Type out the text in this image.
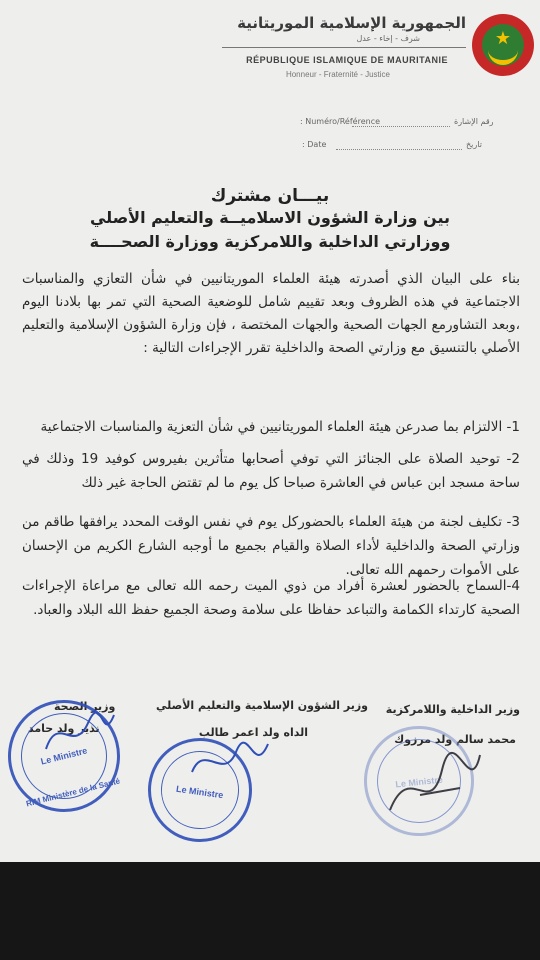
★
الجمهورية الإسلامية الموريتانية
شرف - إخاء - عدل
RÉPUBLIQUE ISLAMIQUE DE MAURITANIE
Honneur - Fraternité - Justice
Numéro/Référence :	رقم الإشارة
Date :	تاريخ
بيـــان مشترك
بين وزارة الشؤون الاسلاميــة والتعليم الأصلي
ووزارتي الداخلية واللامركزية ووزارة الصحــــة
بناء على البيان الذي أصدرته هيئة العلماء الموريتانيين في شأن التعازي والمناسبات الاجتماعية في هذه الظروف وبعد تقييم شامل للوضعية الصحية التي تمر بها بلادنا اليوم ،وبعد التشاورمع الجهات الصحية والجهات المختصة ، فإن وزارة الشؤون الإسلامية والتعليم الأصلي بالتنسيق مع وزارتي الصحة والداخلية تقرر الإجراءات التالية :
1- الالتزام بما صدرعن هيئة العلماء الموريتانيين في شأن التعزية والمناسبات الاجتماعية
2- توحيد الصلاة على الجنائز التي توفي أصحابها متأثرين بفيروس كوفيد 19 وذلك في ساحة مسجد ابن عباس في العاشرة صباحا كل يوم ما لم تقتض الحاجة غير ذلك
3- تكليف لجنة من هيئة العلماء بالحضوركل يوم في نفس الوقت المحدد يرافقها طاقم من وزارتي الصحة والداخلية لأداء الصلاة والقيام بجميع ما أوجبه الشارع الكريم من الإحسان على الأموات رحمهم الله تعالى.
4-السماح بالحضور لعشرة أفراد من ذوي الميت رحمه الله تعالى مع مراعاة الإجراءات الصحية كارتداء الكمامة والتباعد حفاظا على سلامة وصحة الجميع حفظ الله البلاد والعباد.
وزير الداخلية واللامركزية
وزير الشؤون الإسلامية والتعليم الأصلي
وزير الصحة
محمد سالم ولد مرزوك
الداه ولد اعمر طالب
نذير ولد حامد
Le Ministre
RIM Ministère de la Santé	Le Ministre
Le Ministre
